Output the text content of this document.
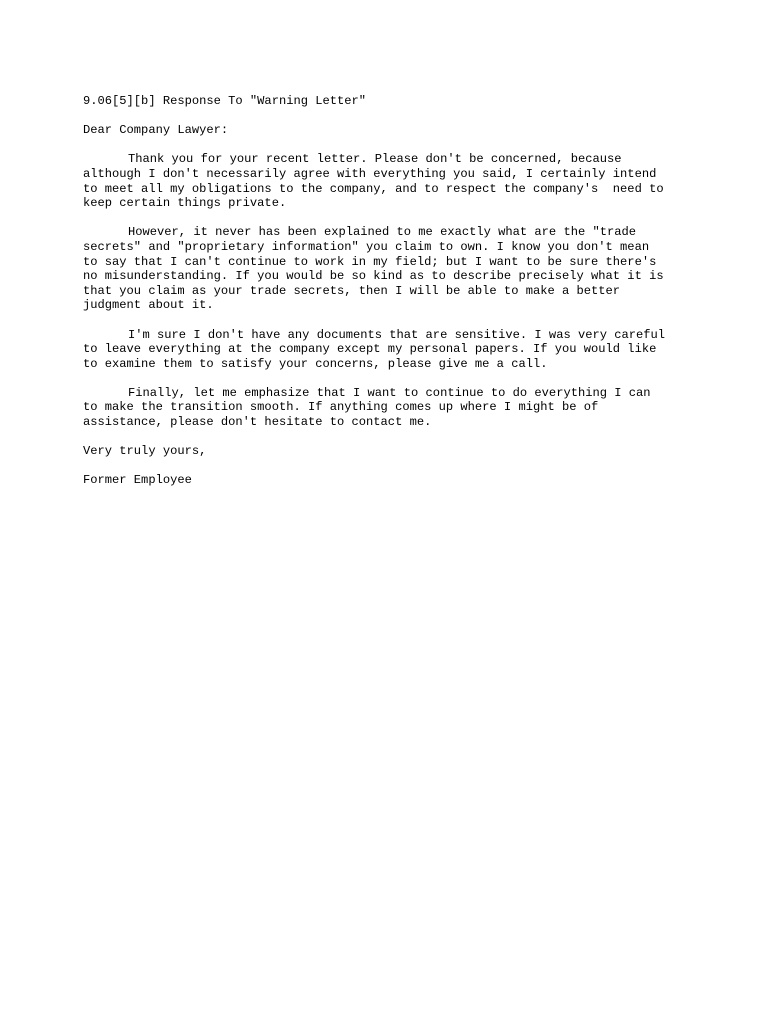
9.06[5][b] Response To "Warning Letter"
Dear Company Lawyer:
Thank you for your recent letter. Please don't be concerned, because
although I don't necessarily agree with everything you said, I certainly intend
to meet all my obligations to the company, and to respect the company's  need to
keep certain things private.
However, it never has been explained to me exactly what are the "trade
secrets" and "proprietary information" you claim to own. I know you don't mean
to say that I can't continue to work in my field; but I want to be sure there's
no misunderstanding. If you would be so kind as to describe precisely what it is
that you claim as your trade secrets, then I will be able to make a better
judgment about it.
I'm sure I don't have any documents that are sensitive. I was very careful
to leave everything at the company except my personal papers. If you would like
to examine them to satisfy your concerns, please give me a call.
Finally, let me emphasize that I want to continue to do everything I can
to make the transition smooth. If anything comes up where I might be of
assistance, please don't hesitate to contact me.
Very truly yours,
Former Employee
